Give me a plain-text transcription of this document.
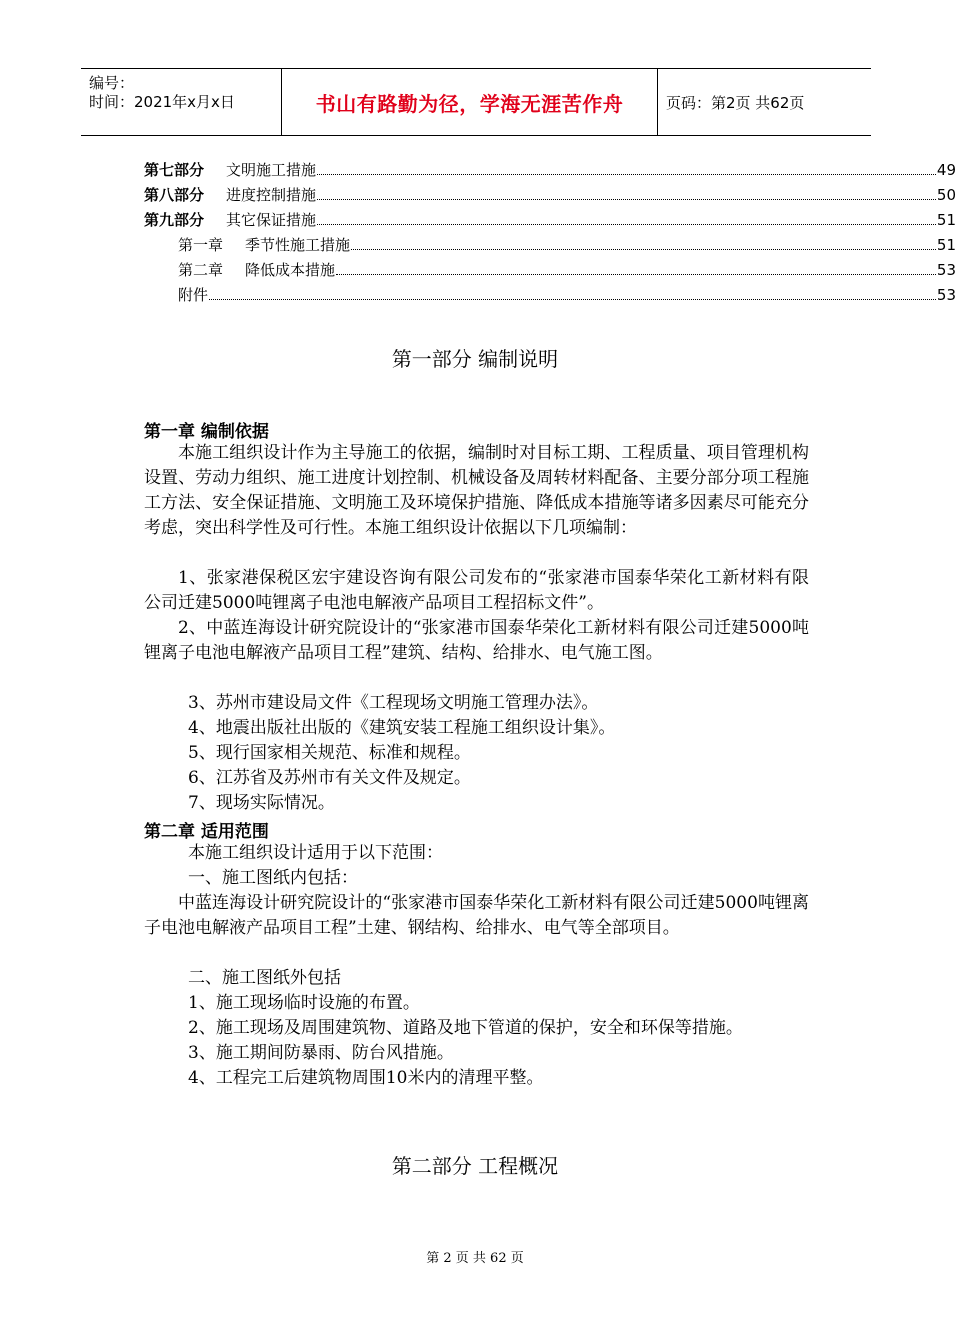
编号：
时间：2021年x月x日	书山有路勤为径，学海无涯苦作舟	页码：第2页 共62页
第七部分 文明施工措施	49
第八部分 进度控制措施	50
第九部分 其它保证措施	51
第一章 季节性施工措施	51
第二章 降低成本措施	53
附件	53
第一部分 编制说明
第一章 编制依据
本施工组织设计作为主导施工的依据，编制时对目标工期、工程质量、项目管理机构设置、劳动力组织、施工进度计划控制、机械设备及周转材料配备、主要分部分项工程施工方法、安全保证措施、文明施工及环境保护措施、降低成本措施等诸多因素尽可能充分考虑，突出科学性及可行性。本施工组织设计依据以下几项编制：
1、张家港保税区宏宇建设咨询有限公司发布的“张家港市国泰华荣化工新材料有限公司迁建5000吨锂离子电池电解液产品项目工程招标文件”。
2、中蓝连海设计研究院设计的“张家港市国泰华荣化工新材料有限公司迁建5000吨锂离子电池电解液产品项目工程”建筑、结构、给排水、电气施工图。
3、苏州市建设局文件《工程现场文明施工管理办法》。
4、地震出版社出版的《建筑安装工程施工组织设计集》。
5、现行国家相关规范、标准和规程。
6、江苏省及苏州市有关文件及规定。
7、现场实际情况。
第二章 适用范围
本施工组织设计适用于以下范围：
一、施工图纸内包括：
中蓝连海设计研究院设计的“张家港市国泰华荣化工新材料有限公司迁建5000吨锂离子电池电解液产品项目工程”土建、钢结构、给排水、电气等全部项目。
二、施工图纸外包括
1、施工现场临时设施的布置。
2、施工现场及周围建筑物、道路及地下管道的保护，安全和环保等措施。
3、施工期间防暴雨、防台风措施。
4、工程完工后建筑物周围10米内的清理平整。
第二部分 工程概况
第 2 页 共 62 页
